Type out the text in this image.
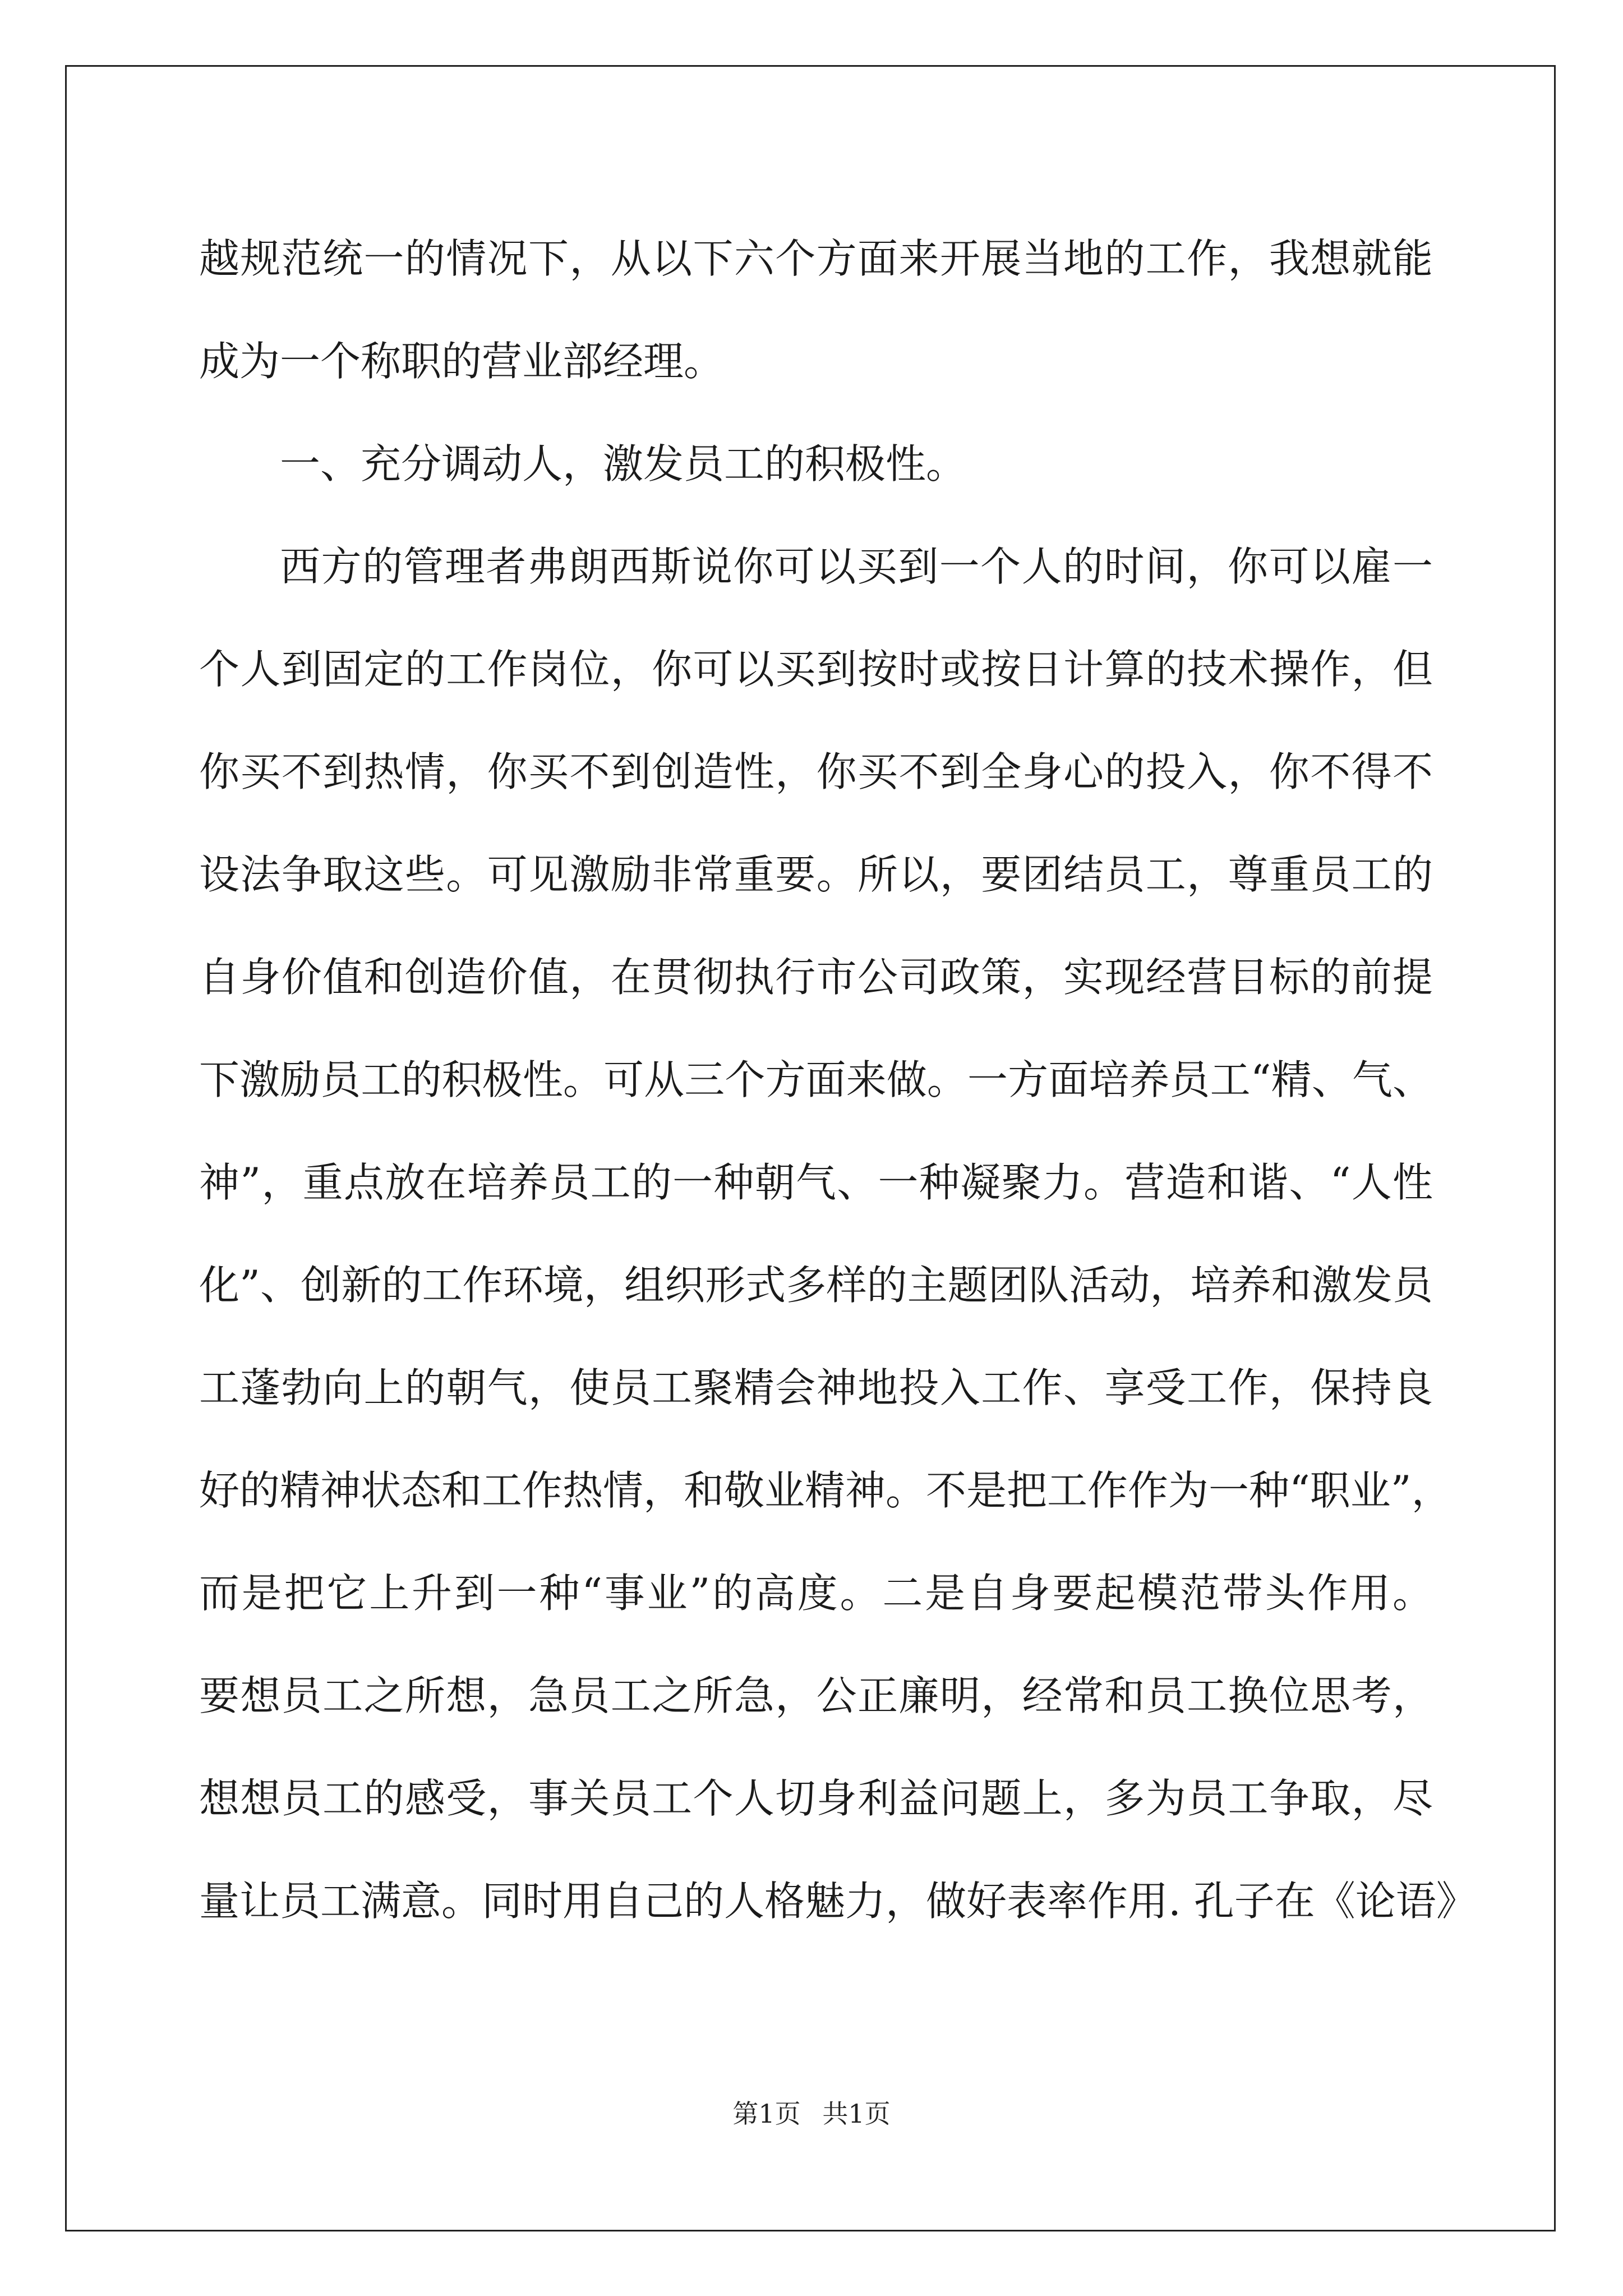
越规范统一的情况下，从以下六个方面来开展当地的工作，我想就能
成为一个称职的营业部经理。
一、充分调动人，激发员工的积极性。
西方的管理者弗朗西斯说你可以买到一个人的时间，你可以雇一
个人到固定的工作岗位，你可以买到按时或按日计算的技术操作，但
你买不到热情，你买不到创造性，你买不到全身心的投入，你不得不
设法争取这些。可见激励非常重要。所以，要团结员工，尊重员工的
自身价值和创造价值，在贯彻执行市公司政策，实现经营目标的前提
下激励员工的积极性。可从三个方面来做。一方面培养员工“精、气、
神”，重点放在培养员工的一种朝气、一种凝聚力。营造和谐、“人性
化”、创新的工作环境，组织形式多样的主题团队活动，培养和激发员
工蓬勃向上的朝气，使员工聚精会神地投入工作、享受工作，保持良
好的精神状态和工作热情，和敬业精神。不是把工作作为一种“职业”，
而是把它上升到一种“事业”的高度。二是自身要起模范带头作用。
要想员工之所想，急员工之所急，公正廉明，经常和员工换位思考，
想想员工的感受，事关员工个人切身利益问题上，多为员工争取，尽
量让员工满意。同时用自己的人格魅力，做好表率作用. 孔子在《论语》
第1页 共1页
